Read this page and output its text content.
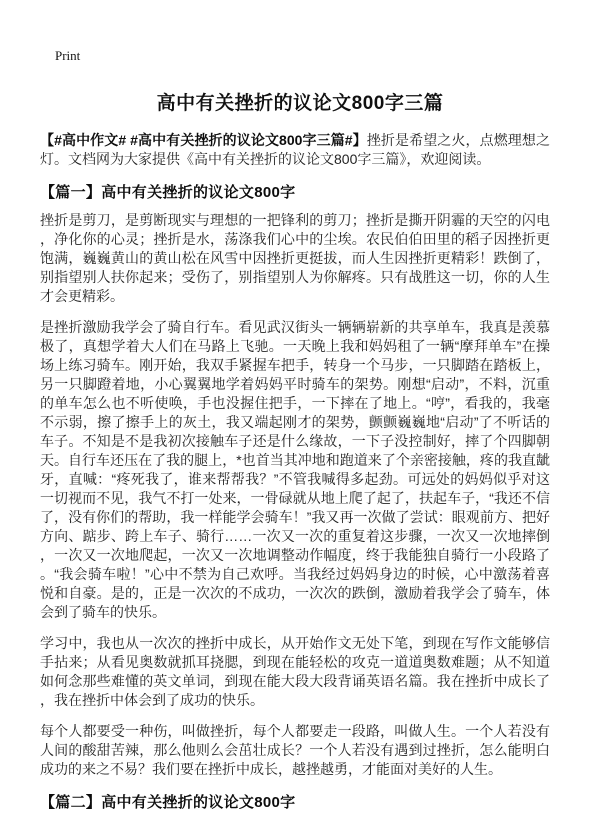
Print
高中有关挫折的议论文800字三篇

【#高中作文# #高中有关挫折的议论文800字三篇#】挫折是希望之火，点燃理想之灯。文档网为大家提供《高中有关挫折的议论文800字三篇》，欢迎阅读。

【篇一】高中有关挫折的议论文800字

挫折是剪刀，是剪断现实与理想的一把锋利的剪刀；挫折是撕开阴霾的天空的闪电，净化你的心灵；挫折是水，荡涤我们心中的尘埃。农民伯伯田里的稻子因挫折更饱满，巍巍黄山的黄山松在风雪中因挫折更挺拔，而人生因挫折更精彩！跌倒了，别指望别人扶你起来；受伤了，别指望别人为你解疼。只有战胜这一切，你的人生才会更精彩。

是挫折激励我学会了骑自行车。看见武汉街头一辆辆崭新的共享单车，我真是羡慕极了，真想学着大人们在马路上飞驰。一天晚上我和妈妈租了一辆“摩拜单车”在操场上练习骑车。刚开始，我双手紧握车把手，转身一个马步，一只脚踏在踏板上，另一只脚蹬着地，小心翼翼地学着妈妈平时骑车的架势。刚想“启动”，不料，沉重的单车怎么也不听使唤，手也没握住把手，一下摔在了地上。“哼”，看我的，我毫不示弱，擦了擦手上的灰土，我又端起刚才的架势，颤颤巍巍地“启动”了不听话的车子。不知是不是我初次接触车子还是什么缘故，一下子没控制好，摔了个四脚朝天。自行车还压在了我的腿上，*也首当其冲地和跑道来了个亲密接触，疼的我直龇牙，直喊：“疼死我了，谁来帮帮我？”不管我喊得多起劲。可远处的妈妈似乎对这一切视而不见，我气不打一处来，一骨碌就从地上爬了起了，扶起车子，“我还不信了，没有你们的帮助，我一样能学会骑车！”我又再一次做了尝试：眼观前方、把好方向、踮步、跨上车子、骑行……一次又一次的重复着这步骤，一次又一次地摔倒，一次又一次地爬起，一次又一次地调整动作幅度，终于我能独自骑行一小段路了。“我会骑车啦！”心中不禁为自己欢呼。当我经过妈妈身边的时候，心中激荡着喜悦和自豪。是的，正是一次次的不成功，一次次的跌倒，激励着我学会了骑车，体会到了骑车的快乐。

学习中，我也从一次次的挫折中成长，从开始作文无处下笔，到现在写作文能够信手拈来；从看见奥数就抓耳挠腮，到现在能轻松的攻克一道道奥数难题；从不知道如何念那些难懂的英文单词，到现在能大段大段背诵英语名篇。我在挫折中成长了，我在挫折中体会到了成功的快乐。

每个人都要受一种伤，叫做挫折，每个人都要走一段路，叫做人生。一个人若没有人间的酸甜苦辣，那么他则么会茁壮成长？一个人若没有遇到过挫折，怎么能明白成功的来之不易？我们要在挫折中成长，越挫越勇，才能面对美好的人生。

【篇二】高中有关挫折的议论文800字
